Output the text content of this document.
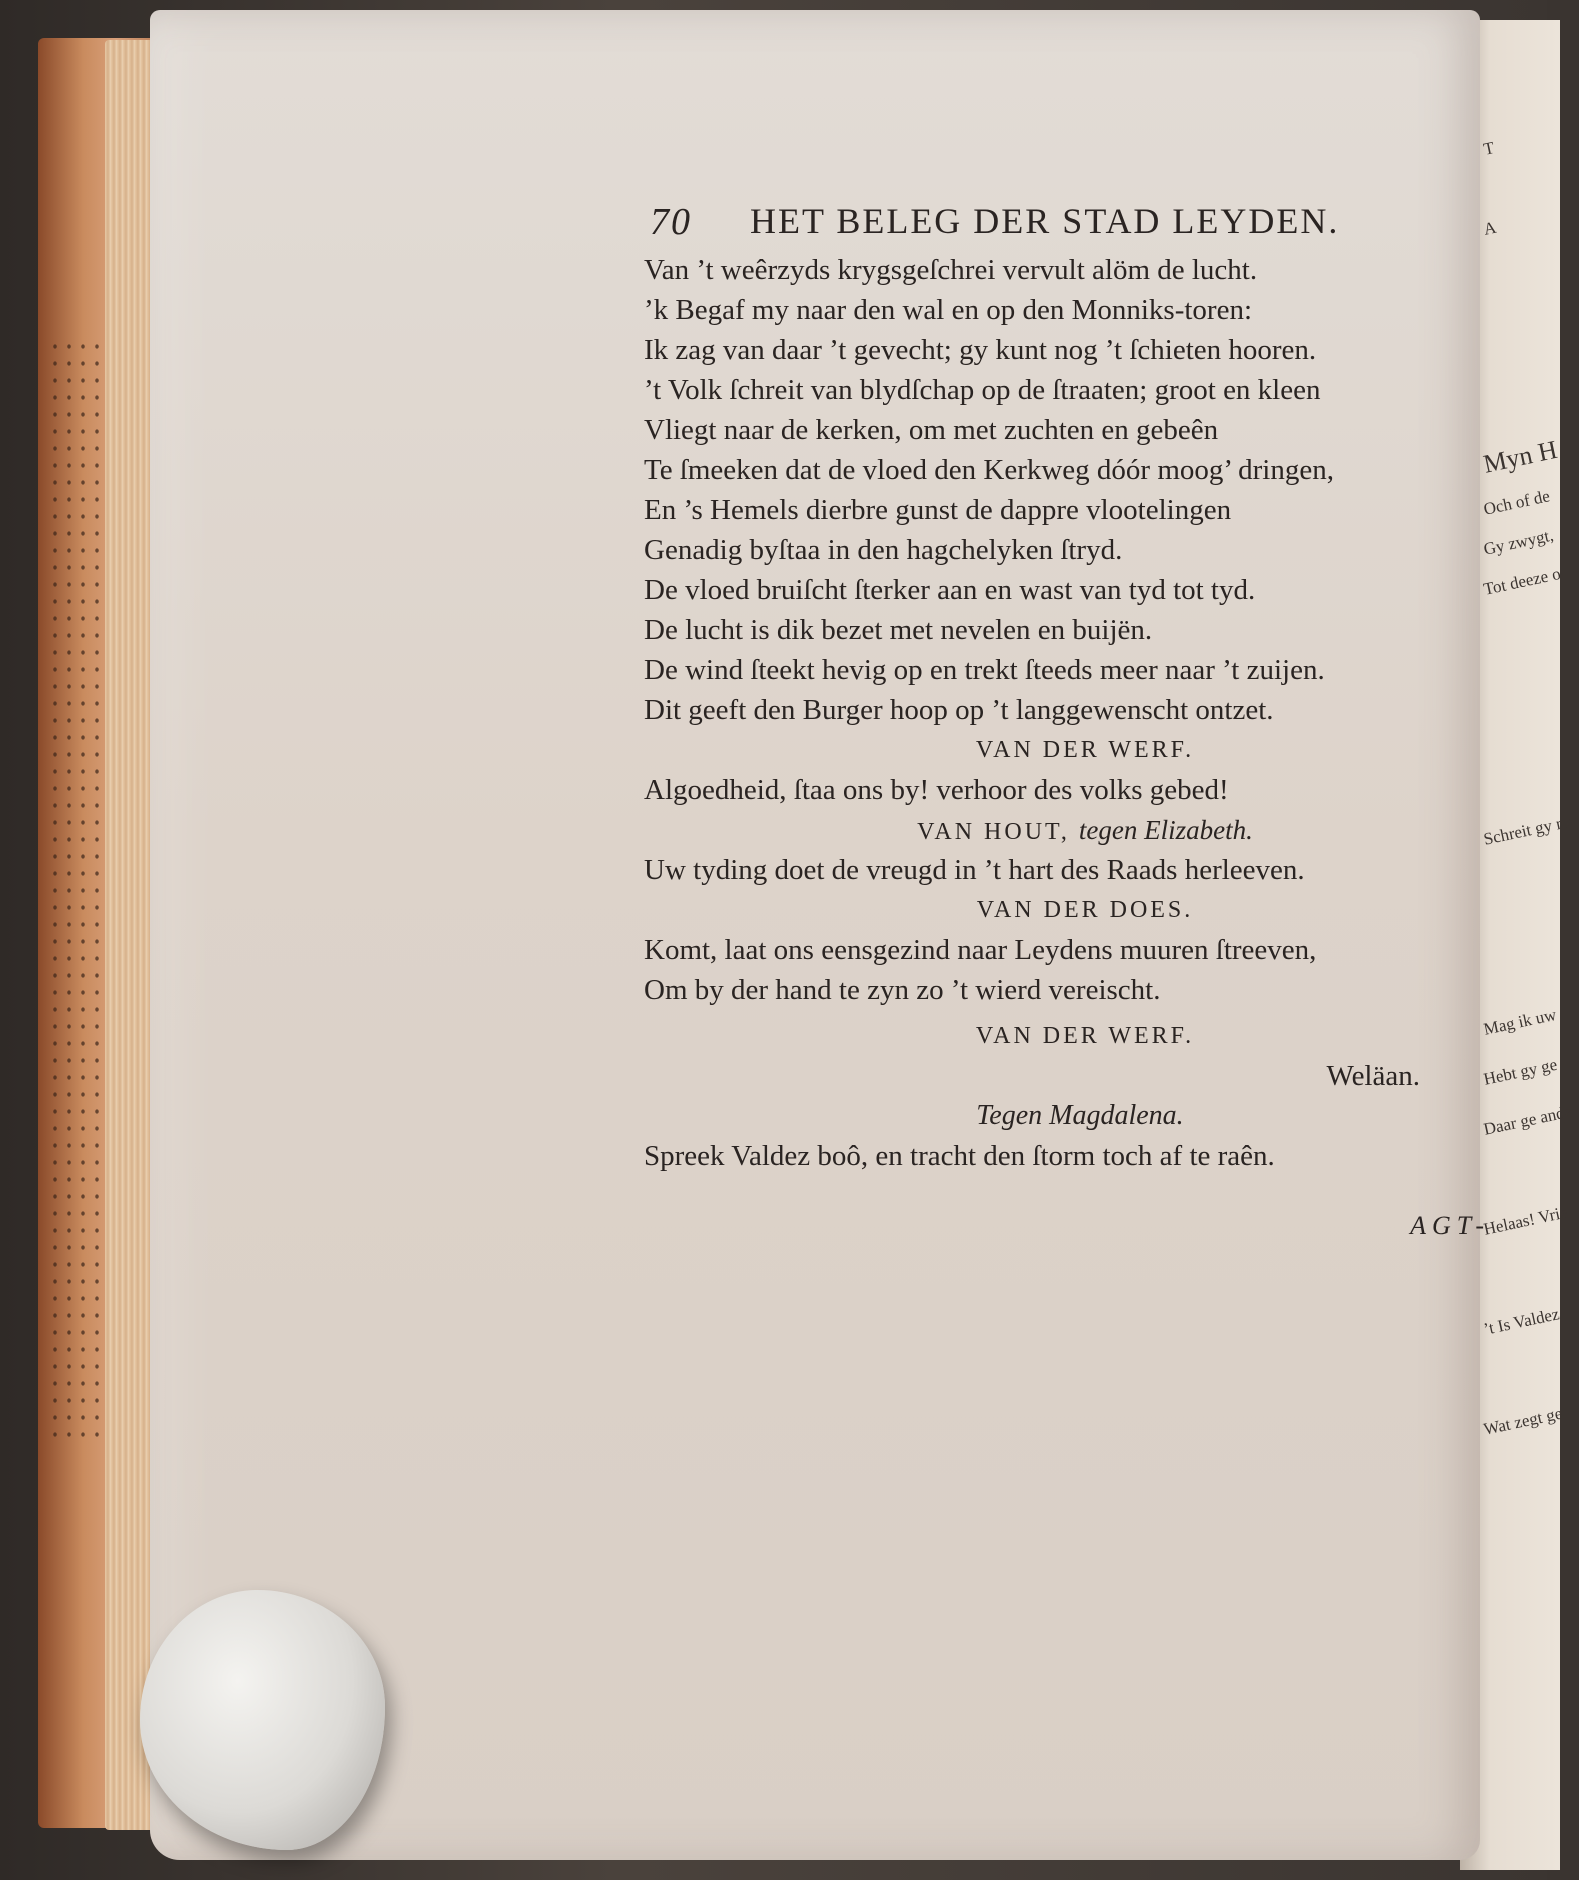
T
A
Myn H
Och of de
Gy zwygt,
Tot deeze o
Schreit gy my
Mag ik uw
Hebt gy ge
Daar ge ande
Helaas! Vrie
’t Is Valdez
Wat zegt ge
70 HET BELEG DER STAD LEYDEN.
Van ’t weêrzyds krygsgeſchrei vervult alöm de lucht.
’k Begaf my naar den wal en op den Monniks-toren:
Ik zag van daar ’t gevecht; gy kunt nog ’t ſchieten hooren.
’t Volk ſchreit van blydſchap op de ſtraaten; groot en kleen
Vliegt naar de kerken, om met zuchten en gebeên
Te ſmeeken dat de vloed den Kerkweg dóór moog’ dringen,
En ’s Hemels dierbre gunst de dappre vlootelingen
Genadig byſtaa in den hagchelyken ſtryd.
De vloed bruiſcht ſterker aan en wast van tyd tot tyd.
De lucht is dik bezet met nevelen en buijën.
De wind ſteekt hevig op en trekt ſteeds meer naar ’t zuijen.
Dit geeft den Burger hoop op ’t langgewenscht ontzet.
VAN DER WERF.
Algoedheid, ſtaa ons by! verhoor des volks gebed!
VAN HOUT, tegen Elizabeth.
Uw tyding doet de vreugd in ’t hart des Raads herleeven.
VAN DER DOES.
Komt, laat ons eensgezind naar Leydens muuren ſtreeven,
Om by der hand te zyn zo ’t wierd vereischt.
VAN DER WERF.
Weläan.
Tegen Magdalena.
Spreek Valdez boô, en tracht den ſtorm toch af te raên.
AGT-
